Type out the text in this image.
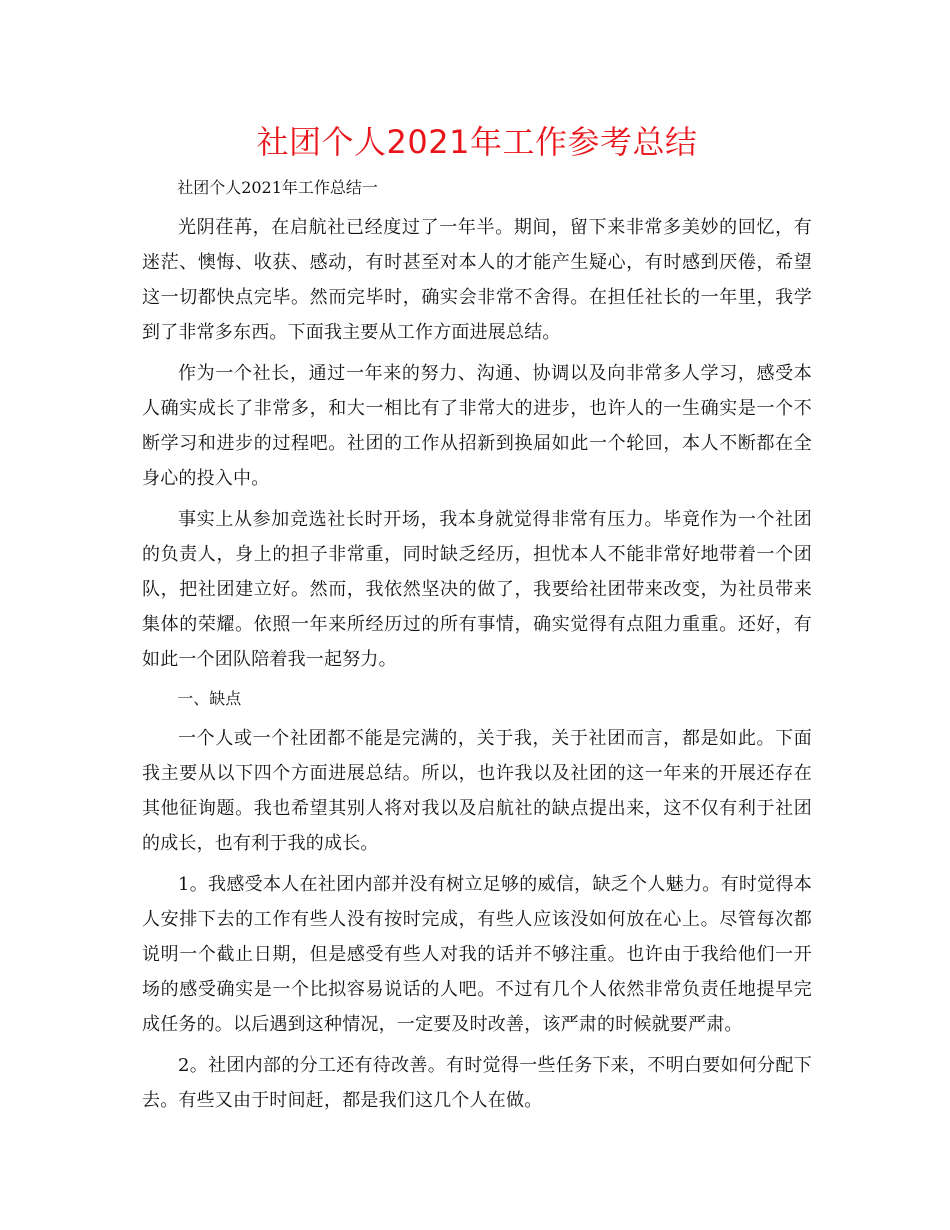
社团个人2021年工作参考总结

社团个人2021年工作总结一

光阴荏苒，在启航社已经度过了一年半。期间，留下来非常多美妙的回忆，有迷茫、懊悔、收获、感动，有时甚至对本人的才能产生疑心，有时感到厌倦，希望这一切都快点完毕。然而完毕时，确实会非常不舍得。在担任社长的一年里，我学到了非常多东西。下面我主要从工作方面进展总结。

作为一个社长，通过一年来的努力、沟通、协调以及向非常多人学习，感受本人确实成长了非常多，和大一相比有了非常大的进步，也许人的一生确实是一个不断学习和进步的过程吧。社团的工作从招新到换届如此一个轮回，本人不断都在全身心的投入中。

事实上从参加竞选社长时开场，我本身就觉得非常有压力。毕竟作为一个社团的负责人，身上的担子非常重，同时缺乏经历，担忧本人不能非常好地带着一个团队，把社团建立好。然而，我依然坚决的做了，我要给社团带来改变，为社员带来集体的荣耀。依照一年来所经历过的所有事情，确实觉得有点阻力重重。还好，有如此一个团队陪着我一起努力。

一、缺点

一个人或一个社团都不能是完满的，关于我，关于社团而言，都是如此。下面我主要从以下四个方面进展总结。所以，也许我以及社团的这一年来的开展还存在其他征询题。我也希望其别人将对我以及启航社的缺点提出来，这不仅有利于社团的成长，也有利于我的成长。

1。我感受本人在社团内部并没有树立足够的威信，缺乏个人魅力。有时觉得本人安排下去的工作有些人没有按时完成，有些人应该没如何放在心上。尽管每次都说明一个截止日期，但是感受有些人对我的话并不够注重。也许由于我给他们一开场的感受确实是一个比拟容易说话的人吧。不过有几个人依然非常负责任地提早完成任务的。以后遇到这种情况，一定要及时改善，该严肃的时候就要严肃。

2。社团内部的分工还有待改善。有时觉得一些任务下来，不明白要如何分配下去。有些又由于时间赶，都是我们这几个人在做。
